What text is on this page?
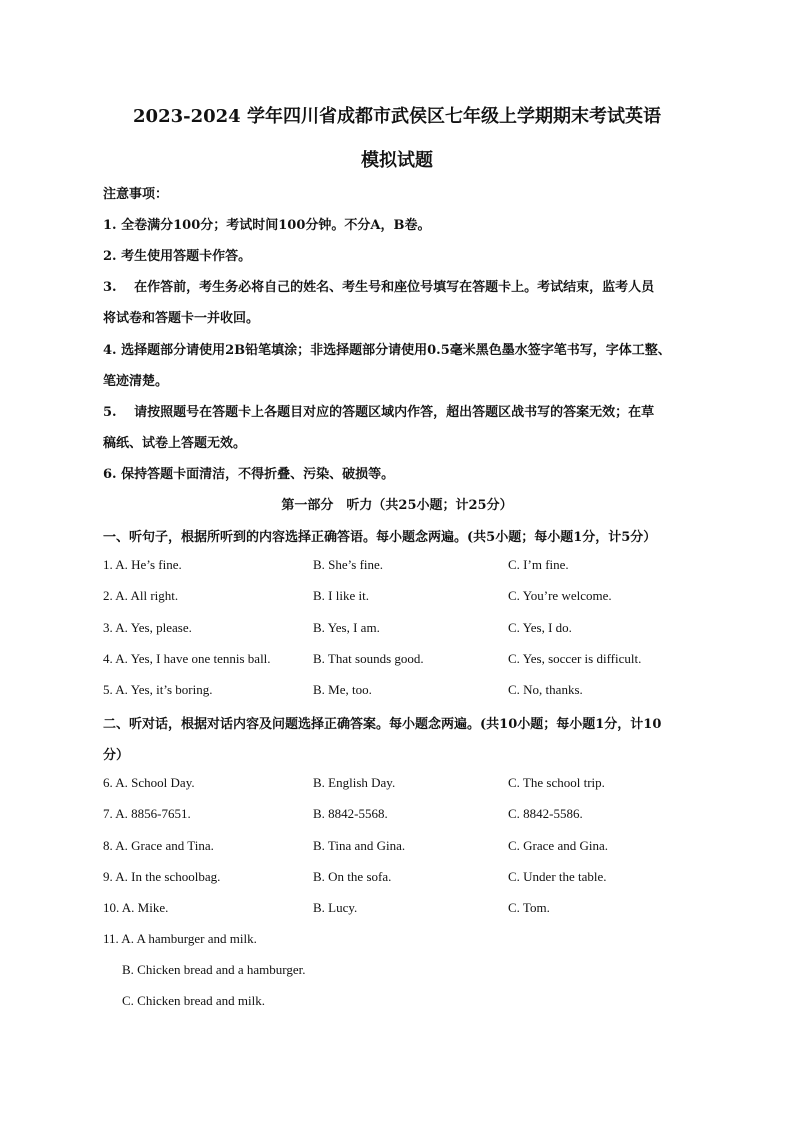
2023-2024 学年四川省成都市武侯区七年级上学期期末考试英语
模拟试题
注意事项：
1. 全卷满分100分；考试时间100分钟。不分A，B卷。
2. 考生使用答题卡作答。
3.　 在作答前，考生务必将自己的姓名、考生号和座位号填写在答题卡上。考试结束，监考人员
将试卷和答题卡一并收回。
4. 选择题部分请使用2B铅笔填涂；非选择题部分请使用0.5毫米黑色墨水签字笔书写，字体工整、
笔迹清楚。
5.　 请按照题号在答题卡上各题目对应的答题区域内作答，超出答题区战书写的答案无效；在草
稿纸、试卷上答题无效。
6. 保持答题卡面清洁，不得折叠、污染、破损等。
第一部分　听力（共25小题；计25分）
一、听句子，根据所听到的内容选择正确答语。每小题念两遍。(共5小题；每小题1分，计5分）
1. A. He’s fine.	B. She’s fine.	C. I’m fine.
2. A. All right.	B. I like it.	C. You’re welcome.
3. A. Yes, please.	B. Yes, I am.	C. Yes, I do.
4. A. Yes, I have one tennis ball.	B. That sounds good.	C. Yes, soccer is difficult.
5. A. Yes, it’s boring.	B. Me, too.	C. No, thanks.
二、听对话，根据对话内容及问题选择正确答案。每小题念两遍。(共10小题；每小题1分，计10
分）
6. A. School Day.	B. English Day.	C. The school trip.
7. A. 8856-7651.	B. 8842-5568.	C. 8842-5586.
8. A. Grace and Tina.	B. Tina and Gina.	C. Grace and Gina.
9. A. In the schoolbag.	B. On the sofa.	C. Under the table.
10. A. Mike.	B. Lucy.	C. Tom.
11. A. A hamburger and milk.
B. Chicken bread and a hamburger.
C. Chicken bread and milk.
